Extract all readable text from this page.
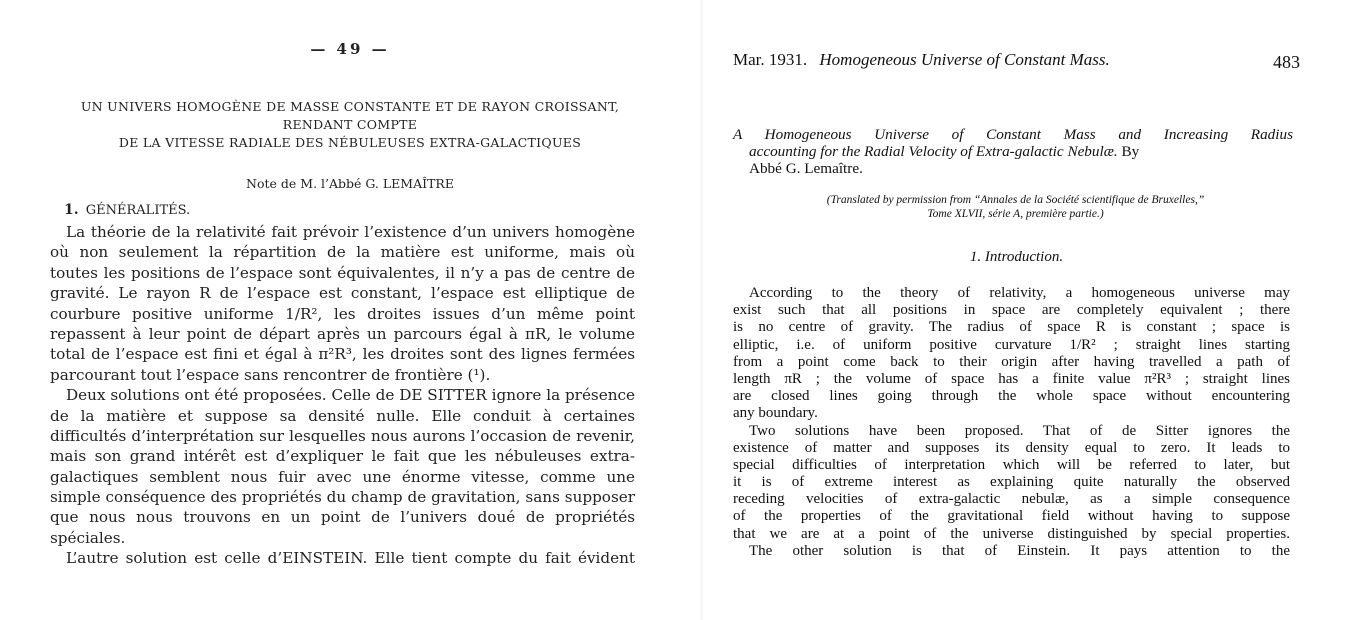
— 49 —
UN UNIVERS HOMOGÈNE DE MASSE CONSTANTE ET DE RAYON CROISSANT,
RENDANT COMPTE
DE LA VITESSE RADIALE DES NÉBULEUSES EXTRA-GALACTIQUES
Note de M. l’Abbé G. LEMAÎTRE
1. GÉNÉRALITÉS.
La théorie de la relativité fait prévoir l’existence d’un univers homogène
où non seulement la répartition de la matière est uniforme, mais où
toutes les positions de l’espace sont équivalentes, il n’y a pas de centre de
gravité. Le rayon R de l’espace est constant, l’espace est elliptique de
courbure positive uniforme 1/R², les droites issues d’un même point
repassent à leur point de départ après un parcours égal à πR, le volume
total de l’espace est fini et égal à π²R³, les droites sont des lignes fermées
parcourant tout l’espace sans rencontrer de frontière (¹).
Deux solutions ont été proposées. Celle de DE SITTER ignore la présence
de la matière et suppose sa densité nulle. Elle conduit à certaines
difficultés d’interprétation sur lesquelles nous aurons l’occasion de revenir,
mais son grand intérêt est d’expliquer le fait que les nébuleuses extra-
galactiques semblent nous fuir avec une énorme vitesse, comme une
simple conséquence des propriétés du champ de gravitation, sans supposer
que nous nous trouvons en un point de l’univers doué de propriétés
spéciales.
L’autre solution est celle d’EINSTEIN. Elle tient compte du fait évident
Mar. 1931. Homogeneous Universe of Constant Mass.	483
A Homogeneous Universe of Constant Mass and Increasing Radius
accounting for the Radial Velocity of Extra-galactic Nebulæ. By
Abbé G. Lemaître.
(Translated by permission from “Annales de la Société scientifique de Bruxelles,”
Tome XLVII, série A, première partie.)
1. Introduction.
According to the theory of relativity, a homogeneous universe may
exist such that all positions in space are completely equivalent ; there
is no centre of gravity. The radius of space R is constant ; space is
elliptic, i.e. of uniform positive curvature 1/R² ; straight lines starting
from a point come back to their origin after having travelled a path of
length πR ; the volume of space has a finite value π²R³ ; straight lines
are closed lines going through the whole space without encountering
any boundary.
Two solutions have been proposed. That of de Sitter ignores the
existence of matter and supposes its density equal to zero. It leads to
special difficulties of interpretation which will be referred to later, but
it is of extreme interest as explaining quite naturally the observed
receding velocities of extra-galactic nebulæ, as a simple consequence
of the properties of the gravitational field without having to suppose
that we are at a point of the universe distinguished by special properties.
The other solution is that of Einstein. It pays attention to the
